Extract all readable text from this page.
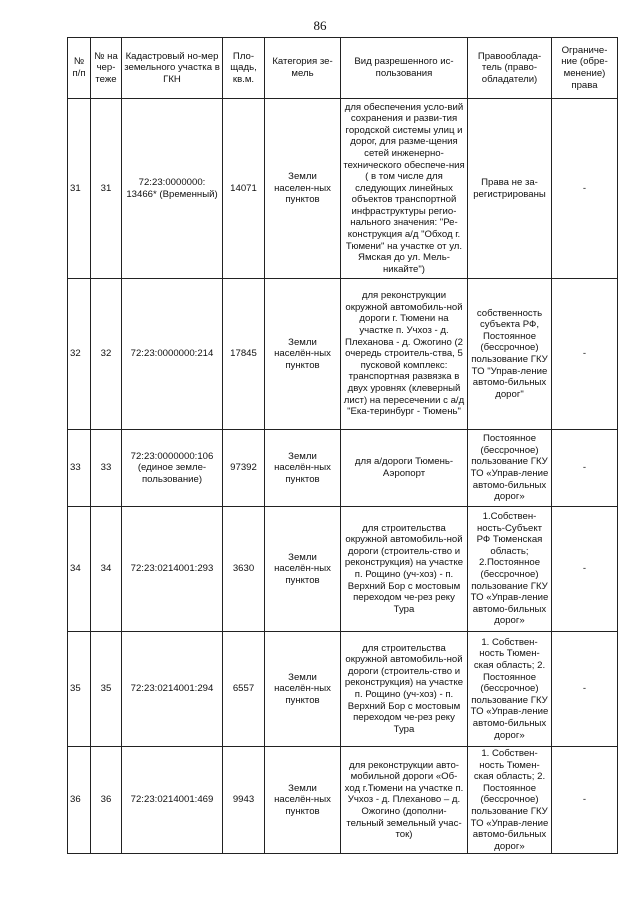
86
№ п/п	№ на чер-теже	Кадастровый но-мер земельного участка в ГКН	Пло-щадь, кв.м.	Категория зе-мель	Вид разрешенного ис-пользования	Правооблада-тель (право-обладатели)	Ограниче-ние (обре-менение) права
31	31	72:23:0000000: 13466* (Временный)	14071	Земли населен-ных пунктов	для обеспечения усло-вий сохранения и разви-тия городской системы улиц и дорог, для разме-щения сетей инженерно-технического обеспече-ния ( в том числе для следующих линейных объектов транспортной инфраструктуры регио-нального значения: "Ре-конструкция а/д "Обход г. Тюмени" на участке от ул. Ямская до ул. Мель-никайте")	Права не за-регистрированы	-
32	32	72:23:0000000:214	17845	Земли населён-ных пунктов	для реконструкции окружной автомобиль-ной дороги г. Тюмени на участке п. Учхоз - д. Плеханова - д. Ожогино (2 очередь строитель-ства, 5 пусковой комплекс: транспортная развязка в двух уровнях (клеверный лист) на пересечении с а/д "Ека-теринбург - Тюмень"	собственность субъекта РФ, Постоянное (бессрочное) пользование ГКУ ТО "Управ-ление автомо-бильных дорог"	-
33	33	72:23:0000000:106 (единое земле-пользование)	97392	Земли населён-ных пунктов	для а/дороги Тюмень-Аэропорт	Постоянное (бессрочное) пользование ГКУ ТО «Управ-ление автомо-бильных дорог»	-
34	34	72:23:0214001:293	3630	Земли населён-ных пунктов	для строительства окружной автомобиль-ной дороги (строитель-ство и реконструкция) на участке п. Рощино (уч-хоз) - п. Верхний Бор с мостовым переходом че-рез реку Тура	1.Собствен-ность-Субъект РФ Тюменская область; 2.Постоянное (бессрочное) пользование ГКУ ТО «Управ-ление автомо-бильных дорог»	-
35	35	72:23:0214001:294	6557	Земли населён-ных пунктов	для строительства окружной автомобиль-ной дороги (строитель-ство и реконструкция) на участке п. Рощино (уч-хоз) - п. Верхний Бор с мостовым переходом че-рез реку Тура	1. Собствен-ность Тюмен-ская область; 2. Постоянное (бессрочное) пользование ГКУ ТО «Управ-ление автомо-бильных дорог»	-
36	36	72:23:0214001:469	9943	Земли населён-ных пунктов	для реконструкции авто-мобильной дороги «Об-ход г.Тюмени на участке п. Учхоз - д. Плеханово – д. Ожогино (дополни-тельный земельный учас-ток)	1. Собствен-ность Тюмен-ская область; 2. Постоянное (бессрочное) пользование ГКУ ТО «Управ-ление автомо-бильных дорог»	-
